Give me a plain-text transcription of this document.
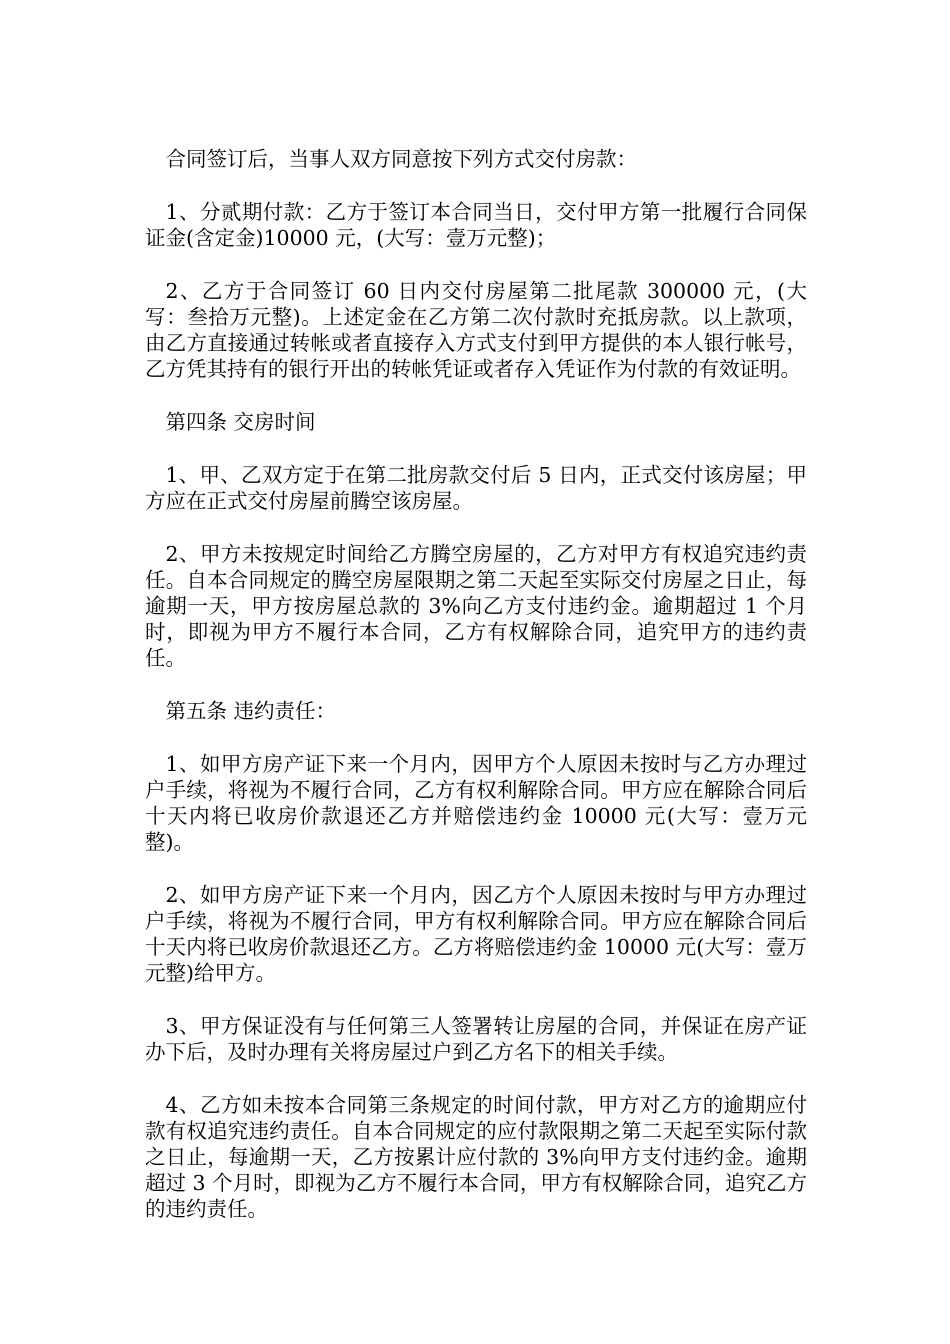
合同签订后，当事人双方同意按下列方式交付房款：

1、分贰期付款：乙方于签订本合同当日，交付甲方第一批履行合同保证金(含定金)10000 元，(大写：壹万元整)；

2、乙方于合同签订 60 日内交付房屋第二批尾款 300000 元，(大写：叁拾万元整)。上述定金在乙方第二次付款时充抵房款。以上款项，由乙方直接通过转帐或者直接存入方式支付到甲方提供的本人银行帐号，乙方凭其持有的银行开出的转帐凭证或者存入凭证作为付款的有效证明。

第四条 交房时间

1、甲、乙双方定于在第二批房款交付后 5 日内，正式交付该房屋；甲方应在正式交付房屋前腾空该房屋。

2、甲方未按规定时间给乙方腾空房屋的，乙方对甲方有权追究违约责任。自本合同规定的腾空房屋限期之第二天起至实际交付房屋之日止，每逾期一天，甲方按房屋总款的 3%向乙方支付违约金。逾期超过 1 个月时，即视为甲方不履行本合同，乙方有权解除合同，追究甲方的违约责任。

第五条 违约责任：

1、如甲方房产证下来一个月内，因甲方个人原因未按时与乙方办理过户手续，将视为不履行合同，乙方有权利解除合同。甲方应在解除合同后十天内将已收房价款退还乙方并赔偿违约金 10000 元(大写：壹万元整)。

2、如甲方房产证下来一个月内，因乙方个人原因未按时与甲方办理过户手续，将视为不履行合同，甲方有权利解除合同。甲方应在解除合同后十天内将已收房价款退还乙方。乙方将赔偿违约金 10000 元(大写：壹万元整)给甲方。

3、甲方保证没有与任何第三人签署转让房屋的合同，并保证在房产证办下后，及时办理有关将房屋过户到乙方名下的相关手续。

4、乙方如未按本合同第三条规定的时间付款，甲方对乙方的逾期应付款有权追究违约责任。自本合同规定的应付款限期之第二天起至实际付款之日止，每逾期一天，乙方按累计应付款的 3%向甲方支付违约金。逾期超过 3 个月时，即视为乙方不履行本合同，甲方有权解除合同，追究乙方的违约责任。
